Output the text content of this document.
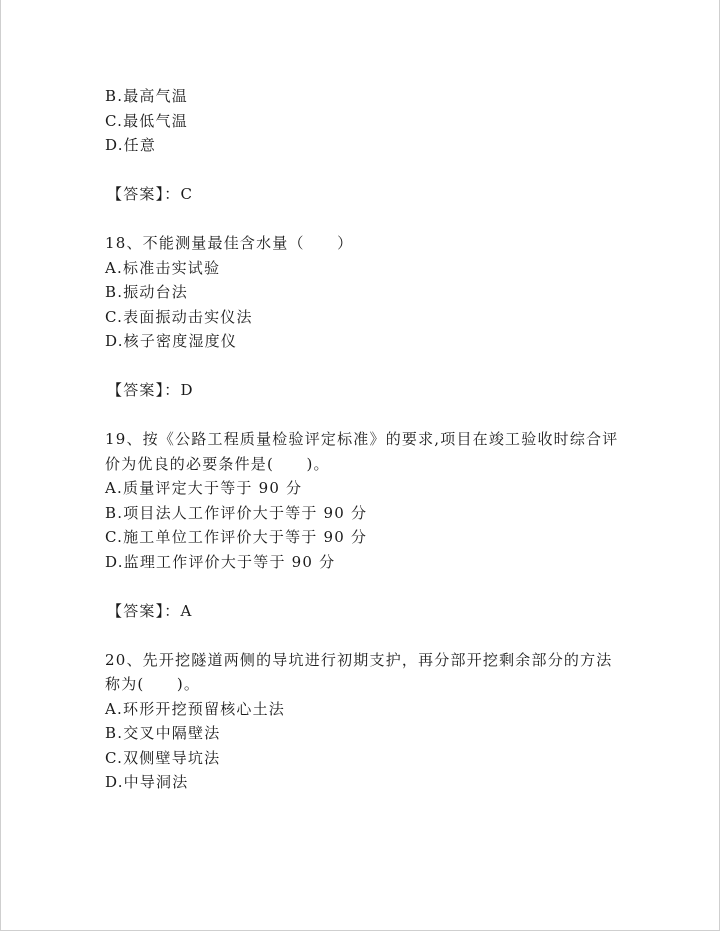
B.最高气温
C.最低气温
D.任意
【答案】：C
18、不能测量最佳含水量（　　）
A.标准击实试验
B.振动台法
C.表面振动击实仪法
D.核子密度湿度仪
【答案】：D
19、按《公路工程质量检验评定标准》的要求,项目在竣工验收时综合评价为优良的必要条件是(　　)。
A.质量评定大于等于 90 分
B.项目法人工作评价大于等于 90 分
C.施工单位工作评价大于等于 90 分
D.监理工作评价大于等于 90 分
【答案】：A
20、先开挖隧道两侧的导坑进行初期支护，再分部开挖剩余部分的方法称为(　　)。
A.环形开挖预留核心土法
B.交叉中隔壁法
C.双侧壁导坑法
D.中导洞法
